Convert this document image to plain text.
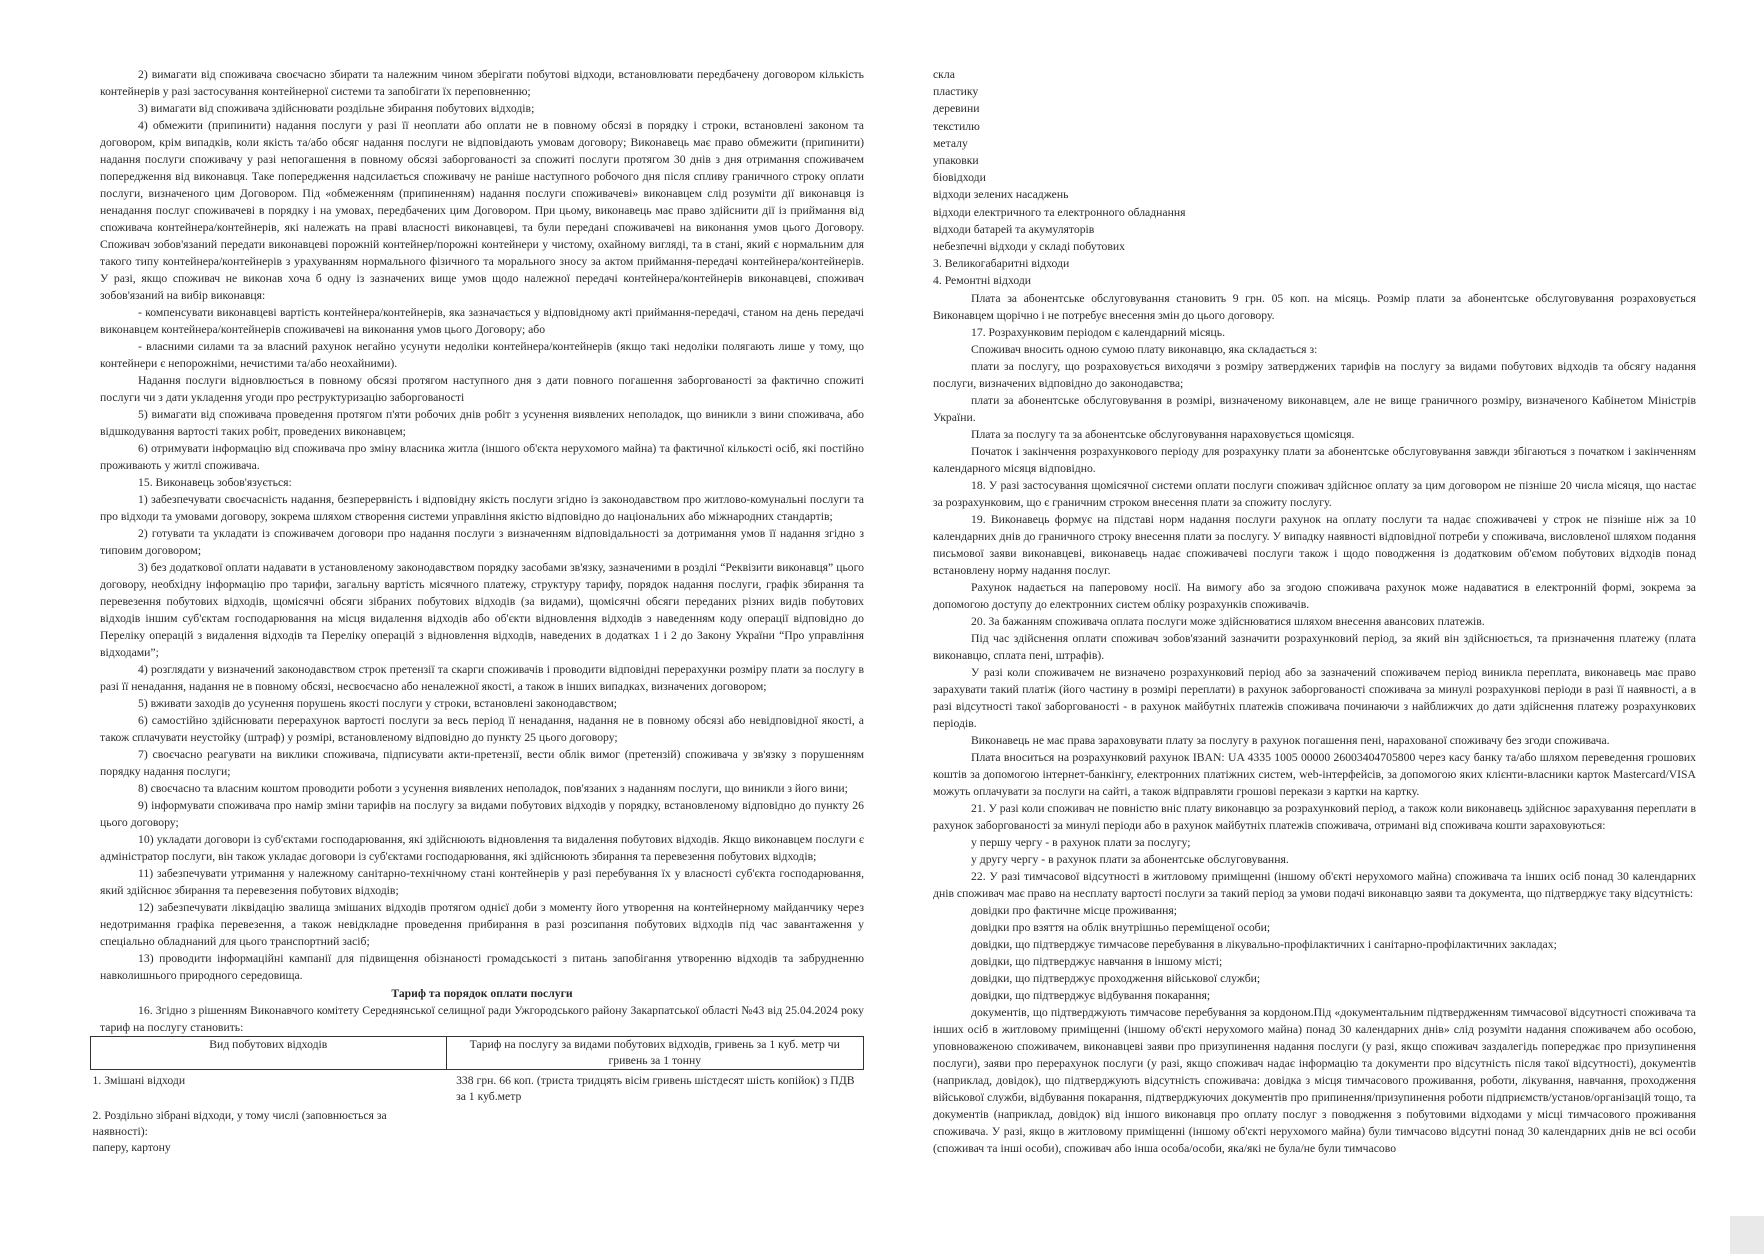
2) вимагати від споживача своєчасно збирати та належним чином зберігати побутові відходи, встановлювати передбачену договором кількість контейнерів у разі застосування контейнерної системи та запобігати їх переповненню;

3) вимагати від споживача здійснювати роздільне збирання побутових відходів;

4) обмежити (припинити) надання послуги у разі її неоплати або оплати не в повному обсязі в порядку і строки, встановлені законом та договором, крім випадків, коли якість та/або обсяг надання послуги не відповідають умовам договору; Виконавець має право обмежити (припинити) надання послуги споживачу у разі непогашення в повному обсязі заборгованості за спожиті послуги протягом 30 днів з дня отримання споживачем попередження від виконавця. Таке попередження надсилається споживачу не раніше наступного робочого дня після спливу граничного строку оплати послуги, визначеного цим Договором. Під «обмеженням (припиненням) надання послуги споживачеві» виконавцем слід розуміти дії виконавця із ненадання послуг споживачеві в порядку і на умовах, передбачених цим Договором. При цьому, виконавець має право здійснити дії із приймання від споживача контейнера/контейнерів, які належать на праві власності виконавцеві, та були передані споживачеві на виконання умов цього Договору. Споживач зобов'язаний передати виконавцеві порожній контейнер/порожні контейнери у чистому, охайному вигляді, та в стані, який є нормальним для такого типу контейнера/контейнерів з урахуванням нормального фізичного та морального зносу за актом приймання-передачі контейнера/контейнерів. У разі, якщо споживач не виконав хоча б одну із зазначених вище умов щодо належної передачі контейнера/контейнерів виконавцеві, споживач зобов'язаний на вибір виконавця:

- компенсувати виконавцеві вартість контейнера/контейнерів, яка зазначається у відповідному акті приймання-передачі, станом на день передачі виконавцем контейнера/контейнерів споживачеві на виконання умов цього Договору; або

- власними силами та за власний рахунок негайно усунути недоліки контейнера/контейнерів (якщо такі недоліки полягають лише у тому, що контейнери є непорожніми, нечистими та/або неохайними).

Надання послуги відновлюється в повному обсязі протягом наступного дня з дати повного погашення заборгованості за фактично спожиті послуги чи з дати укладення угоди про реструктуризацію заборгованості

5) вимагати від споживача проведення протягом п'яти робочих днів робіт з усунення виявлених неполадок, що виникли з вини споживача, або відшкодування вартості таких робіт, проведених виконавцем;

6) отримувати інформацію від споживача про зміну власника житла (іншого об'єкта нерухомого майна) та фактичної кількості осіб, які постійно проживають у житлі споживача.

15. Виконавець зобов'язується:

1) забезпечувати своєчасність надання, безперервність і відповідну якість послуги згідно із законодавством про житлово-комунальні послуги та про відходи та умовами договору, зокрема шляхом створення системи управління якістю відповідно до національних або міжнародних стандартів;

2) готувати та укладати із споживачем договори про надання послуги з визначенням відповідальності за дотримання умов її надання згідно з типовим договором;

3) без додаткової оплати надавати в установленому законодавством порядку засобами зв'язку, зазначеними в розділі “Реквізити виконавця” цього договору, необхідну інформацію про тарифи, загальну вартість місячного платежу, структуру тарифу, порядок надання послуги, графік збирання та перевезення побутових відходів, щомісячні обсяги зібраних побутових відходів (за видами), щомісячні обсяги переданих різних видів побутових відходів іншим суб'єктам господарювання на місця видалення відходів або об'єкти відновлення відходів з наведенням коду операції відповідно до Переліку операцій з видалення відходів та Переліку операцій з відновлення відходів, наведених в додатках 1 і 2 до Закону України “Про управління відходами”;

4) розглядати у визначений законодавством строк претензії та скарги споживачів і проводити відповідні перерахунки розміру плати за послугу в разі її ненадання, надання не в повному обсязі, несвоєчасно або неналежної якості, а також в інших випадках, визначених договором;

5) вживати заходів до усунення порушень якості послуги у строки, встановлені законодавством;

6) самостійно здійснювати перерахунок вартості послуги за весь період її ненадання, надання не в повному обсязі або невідповідної якості, а також сплачувати неустойку (штраф) у розмірі, встановленому відповідно до пункту 25 цього договору;

7) своєчасно реагувати на виклики споживача, підписувати акти-претензії, вести облік вимог (претензій) споживача у зв'язку з порушенням порядку надання послуги;

8) своєчасно та власним коштом проводити роботи з усунення виявлених неполадок, пов'язаних з наданням послуги, що виникли з його вини;

9) інформувати споживача про намір зміни тарифів на послугу за видами побутових відходів у порядку, встановленому відповідно до пункту 26 цього договору;

10) укладати договори із суб'єктами господарювання, які здійснюють відновлення та видалення побутових відходів. Якщо виконавцем послуги є адміністратор послуги, він також укладає договори із суб'єктами господарювання, які здійснюють збирання та перевезення побутових відходів;

11) забезпечувати утримання у належному санітарно-технічному стані контейнерів у разі перебування їх у власності суб'єкта господарювання, який здійснює збирання та перевезення побутових відходів;

12) забезпечувати ліквідацію звалища змішаних відходів протягом однієї доби з моменту його утворення на контейнерному майданчику через недотримання графіка перевезення, а також невідкладне проведення прибирання в разі розсипання побутових відходів під час завантаження у спеціально обладнаний для цього транспортний засіб;

13) проводити інформаційні кампанії для підвищення обізнаності громадськості з питань запобігання утворенню відходів та забрудненню навколишнього природного середовища.

Тариф та порядок оплати послуги

16. Згідно з рішенням Виконавчого комітету Середнянської селищної ради Ужгородського району Закарпатської області №43 від 25.04.2024 року тариф на послугу становить:

Вид побутових відходів	Тариф на послугу за видами побутових відходів, гривень за 1 куб. метр чи гривень за 1 тонну
1. Змішані відходи	338 грн. 66 коп. (триста тридцять вісім гривень шістдесят шість копійок) з ПДВ за 1 куб.метр
2. Роздільно зібрані відходи, у тому числі (заповнюється за наявності):	
паперу, картону	

скла

пластику

деревини

текстилю

металу

упаковки

біовідходи

відходи зелених насаджень

відходи електричного та електронного обладнання

відходи батарей та акумуляторів

небезпечні відходи у складі побутових

3. Великогабаритні відходи

4. Ремонтні відходи

Плата за абонентське обслуговування становить 9 грн. 05 коп. на місяць. Розмір плати за абонентське обслуговування розраховується Виконавцем щорічно і не потребує внесення змін до цього договору.

17. Розрахунковим періодом є календарний місяць.

Споживач вносить одною сумою плату виконавцю, яка складається з:

плати за послугу, що розраховується виходячи з розміру затверджених тарифів на послугу за видами побутових відходів та обсягу надання послуги, визначених відповідно до законодавства;

плати за абонентське обслуговування в розмірі, визначеному виконавцем, але не вище граничного розміру, визначеного Кабінетом Міністрів України.

Плата за послугу та за абонентське обслуговування нараховується щомісяця.

Початок і закінчення розрахункового періоду для розрахунку плати за абонентське обслуговування завжди збігаються з початком і закінченням календарного місяця відповідно.

18. У разі застосування щомісячної системи оплати послуги споживач здійснює оплату за цим договором не пізніше 20 числа місяця, що настає за розрахунковим, що є граничним строком внесення плати за спожиту послугу.

19. Виконавець формує на підставі норм надання послуги рахунок на оплату послуги та надає споживачеві у строк не пізніше ніж за 10 календарних днів до граничного строку внесення плати за послугу. У випадку наявності відповідної потреби у споживача, висловленої шляхом подання письмової заяви виконавцеві, виконавець надає споживачеві послуги також і щодо поводження із додатковим об'ємом побутових відходів понад встановлену норму надання послуг.

Рахунок надається на паперовому носії. На вимогу або за згодою споживача рахунок може надаватися в електронній формі, зокрема за допомогою доступу до електронних систем обліку розрахунків споживачів.

20. За бажанням споживача оплата послуги може здійснюватися шляхом внесення авансових платежів.

Під час здійснення оплати споживач зобов'язаний зазначити розрахунковий період, за який він здійснюється, та призначення платежу (плата виконавцю, сплата пені, штрафів).

У разі коли споживачем не визначено розрахунковий період або за зазначений споживачем період виникла переплата, виконавець має право зарахувати такий платіж (його частину в розмірі переплати) в рахунок заборгованості споживача за минулі розрахункові періоди в разі її наявності, а в разі відсутності такої заборгованості - в рахунок майбутніх платежів споживача починаючи з найближчих до дати здійснення платежу розрахункових періодів.

Виконавець не має права зараховувати плату за послугу в рахунок погашення пені, нарахованої споживачу без згоди споживача.

Плата вноситься на розрахунковий рахунок IBAN: UA 4335 1005 00000 26003404705800 через касу банку та/або шляхом переведення грошових коштів за допомогою інтернет-банкінгу, електронних платіжних систем, web-інтерфейсів, за допомогою яких клієнти-власники карток Mastercard/VISA можуть оплачувати за послуги на сайті, а також відправляти грошові перекази з картки на картку.

21. У разі коли споживач не повністю вніс плату виконавцю за розрахунковий період, а також коли виконавець здійснює зарахування переплати в рахунок заборгованості за минулі періоди або в рахунок майбутніх платежів споживача, отримані від споживача кошти зараховуються:

у першу чергу - в рахунок плати за послугу;

у другу чергу - в рахунок плати за абонентське обслуговування.

22. У разі тимчасової відсутності в житловому приміщенні (іншому об'єкті нерухомого майна) споживача та інших осіб понад 30 календарних днів споживач має право на несплату вартості послуги за такий період за умови подачі виконавцю заяви та документа, що підтверджує таку відсутність:

довідки про фактичне місце проживання;

довідки про взяття на облік внутрішньо переміщеної особи;

довідки, що підтверджує тимчасове перебування в лікувально-профілактичних і санітарно-профілактичних закладах;

довідки, що підтверджує навчання в іншому місті;

довідки, що підтверджує проходження військової служби;

довідки, що підтверджує відбування покарання;

документів, що підтверджують тимчасове перебування за кордоном.Під «документальним підтвердженням тимчасової відсутності споживача та інших осіб в житловому приміщенні (іншому об'єкті нерухомого майна) понад 30 календарних днів» слід розуміти надання споживачем або особою, уповноваженою споживачем, виконавцеві заяви про призупинення надання послуги (у разі, якщо споживач заздалегідь попереджає про призупинення послуги), заяви про перерахунок послуги (у разі, якщо споживач надає інформацію та документи про відсутність після такої відсутності), документів (наприклад, довідок), що підтверджують відсутність споживача: довідка з місця тимчасового проживання, роботи, лікування, навчання, проходження військової служби, відбування покарання, підтверджуючих документів про припинення/призупинення роботи підприємств/установ/організацій тощо, та документів (наприклад, довідок) від іншого виконавця про оплату послуг з поводження з побутовими відходами у місці тимчасового проживання споживача. У разі, якщо в житловому приміщенні (іншому об'єкті нерухомого майна) були тимчасово відсутні понад 30 календарних днів не всі особи (споживач та інші особи), споживач або інша особа/особи, яка/які не була/не були тимчасово
